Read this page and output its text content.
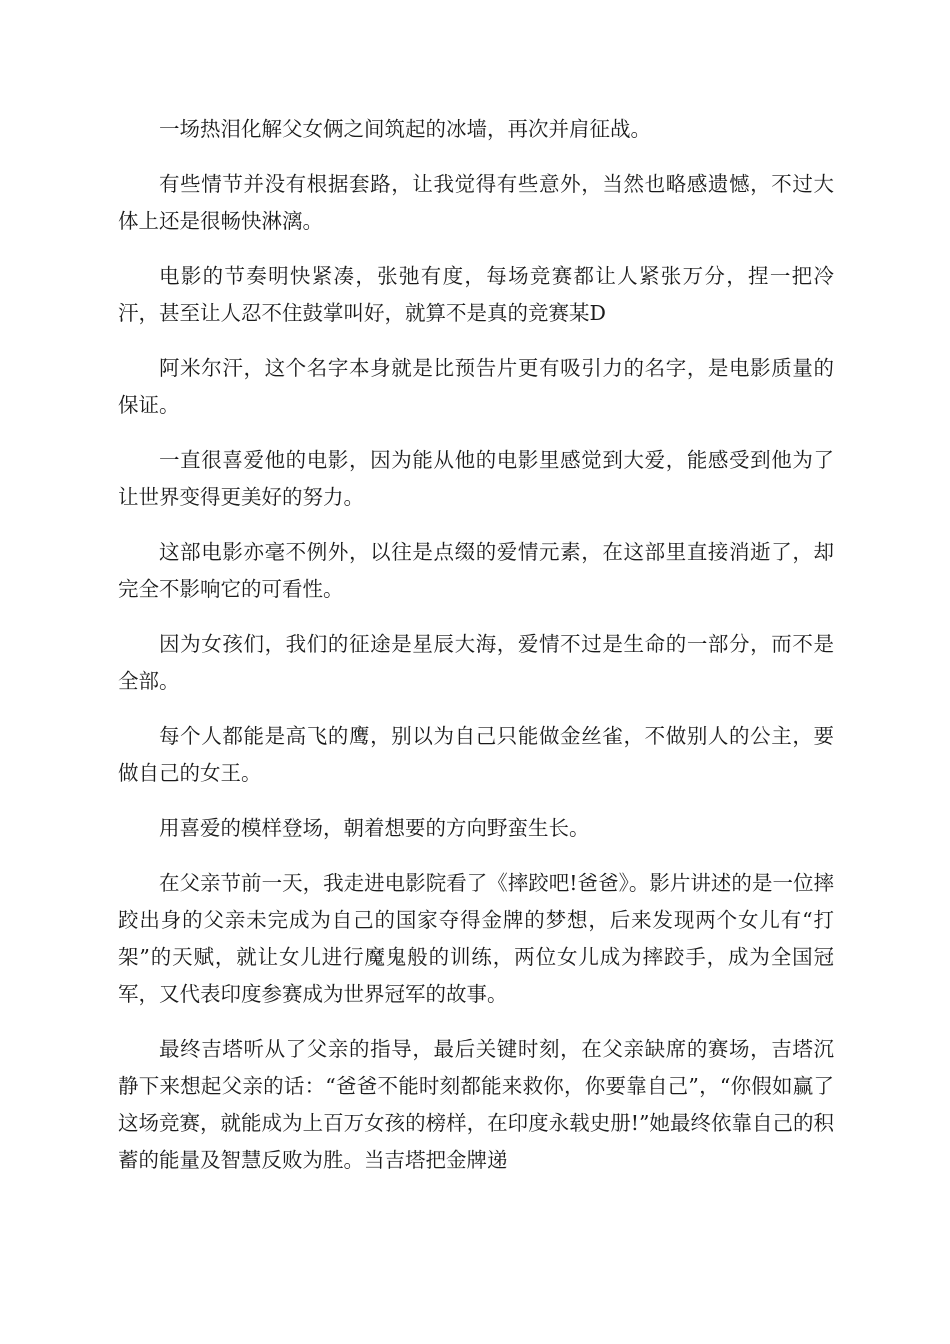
一场热泪化解父女俩之间筑起的冰墙，再次并肩征战。

有些情节并没有根据套路，让我觉得有些意外，当然也略感遗憾，不过大体上还是很畅快淋漓。

电影的节奏明快紧凑，张弛有度，每场竞赛都让人紧张万分，捏一把冷汗，甚至让人忍不住鼓掌叫好，就算不是真的竞赛某D

阿米尔汗，这个名字本身就是比预告片更有吸引力的名字，是电影质量的保证。

一直很喜爱他的电影，因为能从他的电影里感觉到大爱，能感受到他为了让世界变得更美好的努力。

这部电影亦毫不例外，以往是点缀的爱情元素，在这部里直接消逝了，却完全不影响它的可看性。

因为女孩们，我们的征途是星辰大海，爱情不过是生命的一部分，而不是全部。

每个人都能是高飞的鹰，别以为自己只能做金丝雀，不做别人的公主，要做自己的女王。

用喜爱的模样登场，朝着想要的方向野蛮生长。

在父亲节前一天，我走进电影院看了《摔跤吧!爸爸》。影片讲述的是一位摔跤出身的父亲未完成为自己的国家夺得金牌的梦想，后来发现两个女儿有“打架”的天赋，就让女儿进行魔鬼般的训练，两位女儿成为摔跤手，成为全国冠军，又代表印度参赛成为世界冠军的故事。

最终吉塔听从了父亲的指导，最后关键时刻，在父亲缺席的赛场，吉塔沉静下来想起父亲的话：“爸爸不能时刻都能来救你，你要靠自己”，“你假如赢了这场竞赛，就能成为上百万女孩的榜样，在印度永载史册!”她最终依靠自己的积蓄的能量及智慧反败为胜。当吉塔把金牌递
